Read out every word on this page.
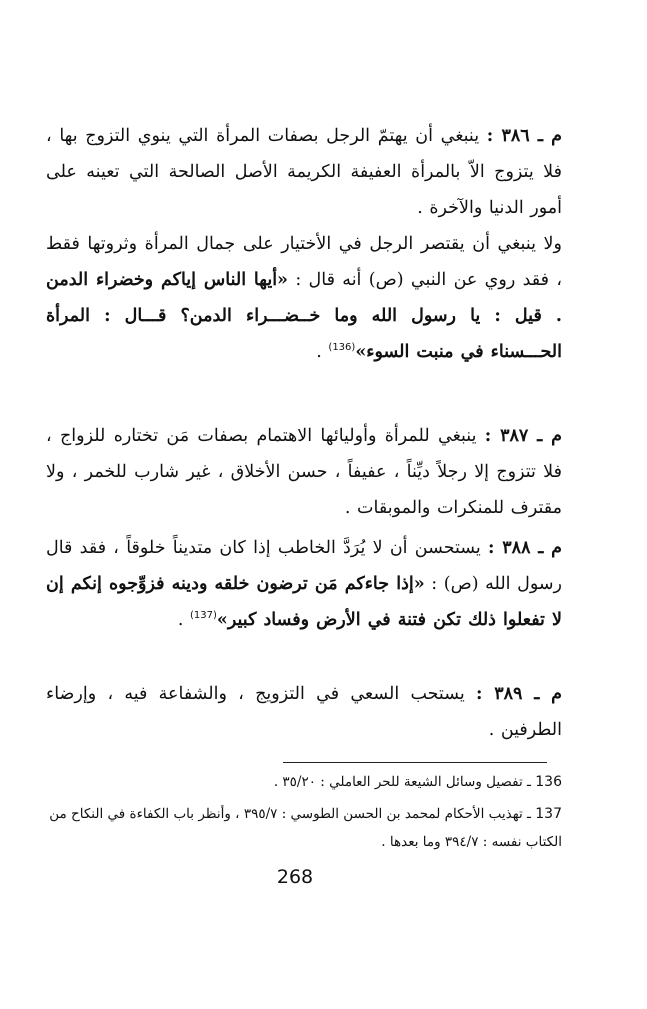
م ـ ٣٨٦ : ينبغي أن يهتمّ الرجل بصفات المرأة التي ينوي التزوج بها ، فلا يتزوج الاّ بالمرأة العفيفة الكريمة الأصل الصالحة التي تعينه على أمور الدنيا والآخرة .
ولا ينبغي أن يقتصر الرجل في الأختيار على جمال المرأة وثروتها فقط ، فقد روي عن النبي (ص) أنه قال : «أيها الناس إياكم وخضراء الدمن . قيل : يا رسول الله وما خــضـــراء الدمن؟ قـــال : المرأة الحـــسناء في منبت السوء»$^{(136)}$ .
م ـ ٣٨٧ : ينبغي للمرأة وأوليائها الاهتمام بصفات مَن تختاره للزواج ، فلا تتزوج إلا رجلاً ديِّناً ، عفيفاً ، حسن الأخلاق ، غير شارب للخمر ، ولا مقترف للمنكرات والموبقات .
م ـ ٣٨٨ : يستحسن أن لا يُرَدَّ الخاطب إذا كان متديناً خلوقاً ، فقد قال رسول الله (ص) : «إذا جاءكم مَن ترضون خلقه ودينه فزوِّجوه إنكم إن لا تفعلوا ذلك تكن فتنة في الأرض وفساد كبير»$^{(137)}$ .
م ـ ٣٨٩ : يستحب السعي في التزويج ، والشفاعة فيه ، وإرضاء الطرفين .
136 ـ تفصيل وسائل الشيعة للحر العاملي : ٣٥/٢٠ .
137 ـ تهذيب الأحكام لمحمد بن الحسن الطوسي : ٣٩٥/٧ ، وأنظر باب الكفاءة في النكاح من الكتاب نفسه : ٣٩٤/٧ وما بعدها .
268
